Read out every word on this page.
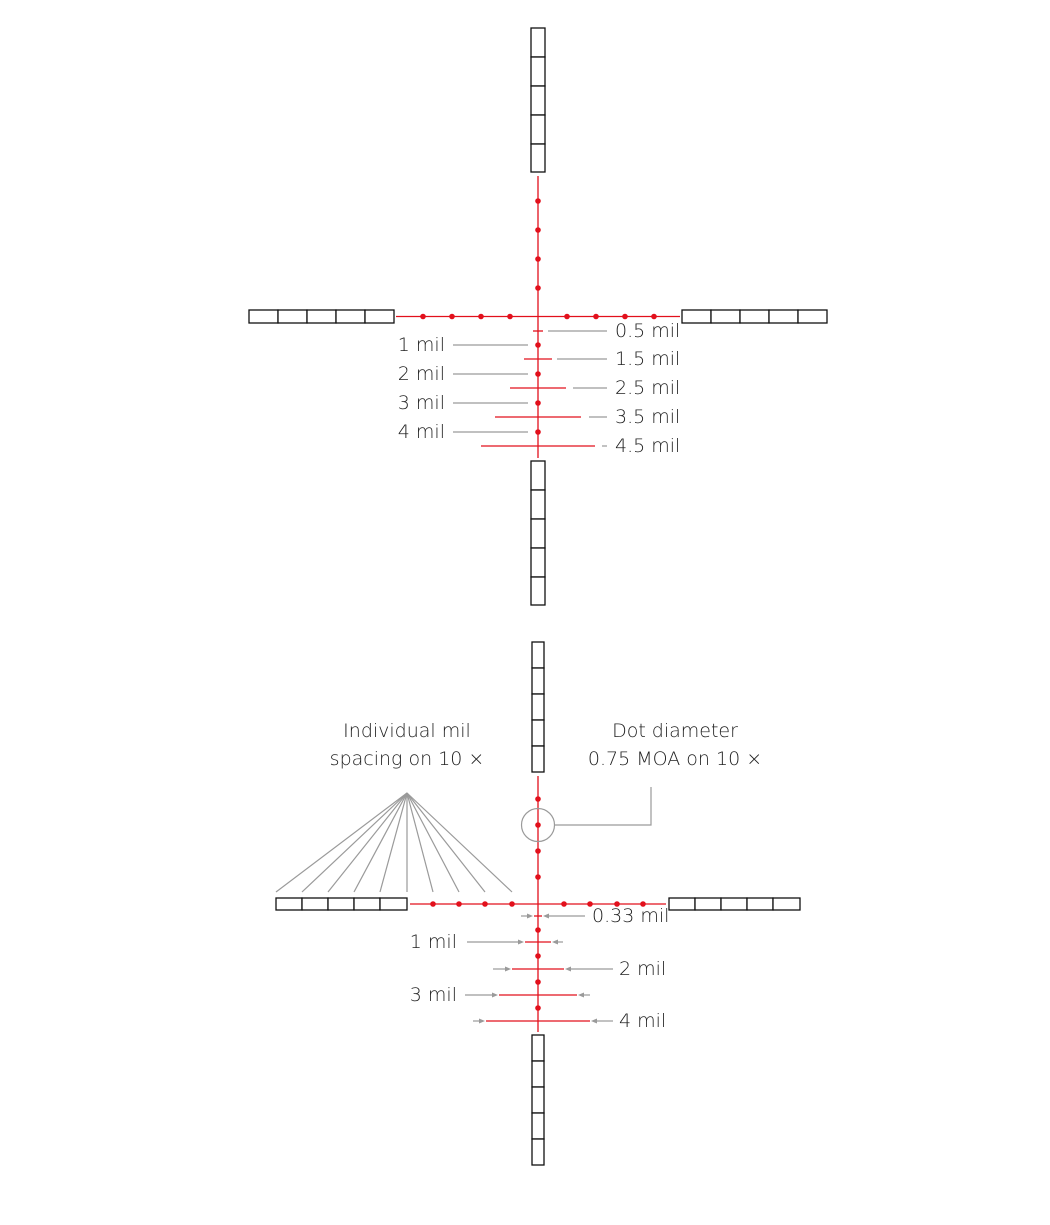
1 mil
2 mil
3 mil
4 mil
0.5 mil
1.5 mil
2.5 mil
3.5 mil
4.5 mil
Individual mil
spacing on 10 ×
Dot diameter
0.75 MOA on 10 ×
1 mil
3 mil
0.33 mil
2 mil
4 mil
